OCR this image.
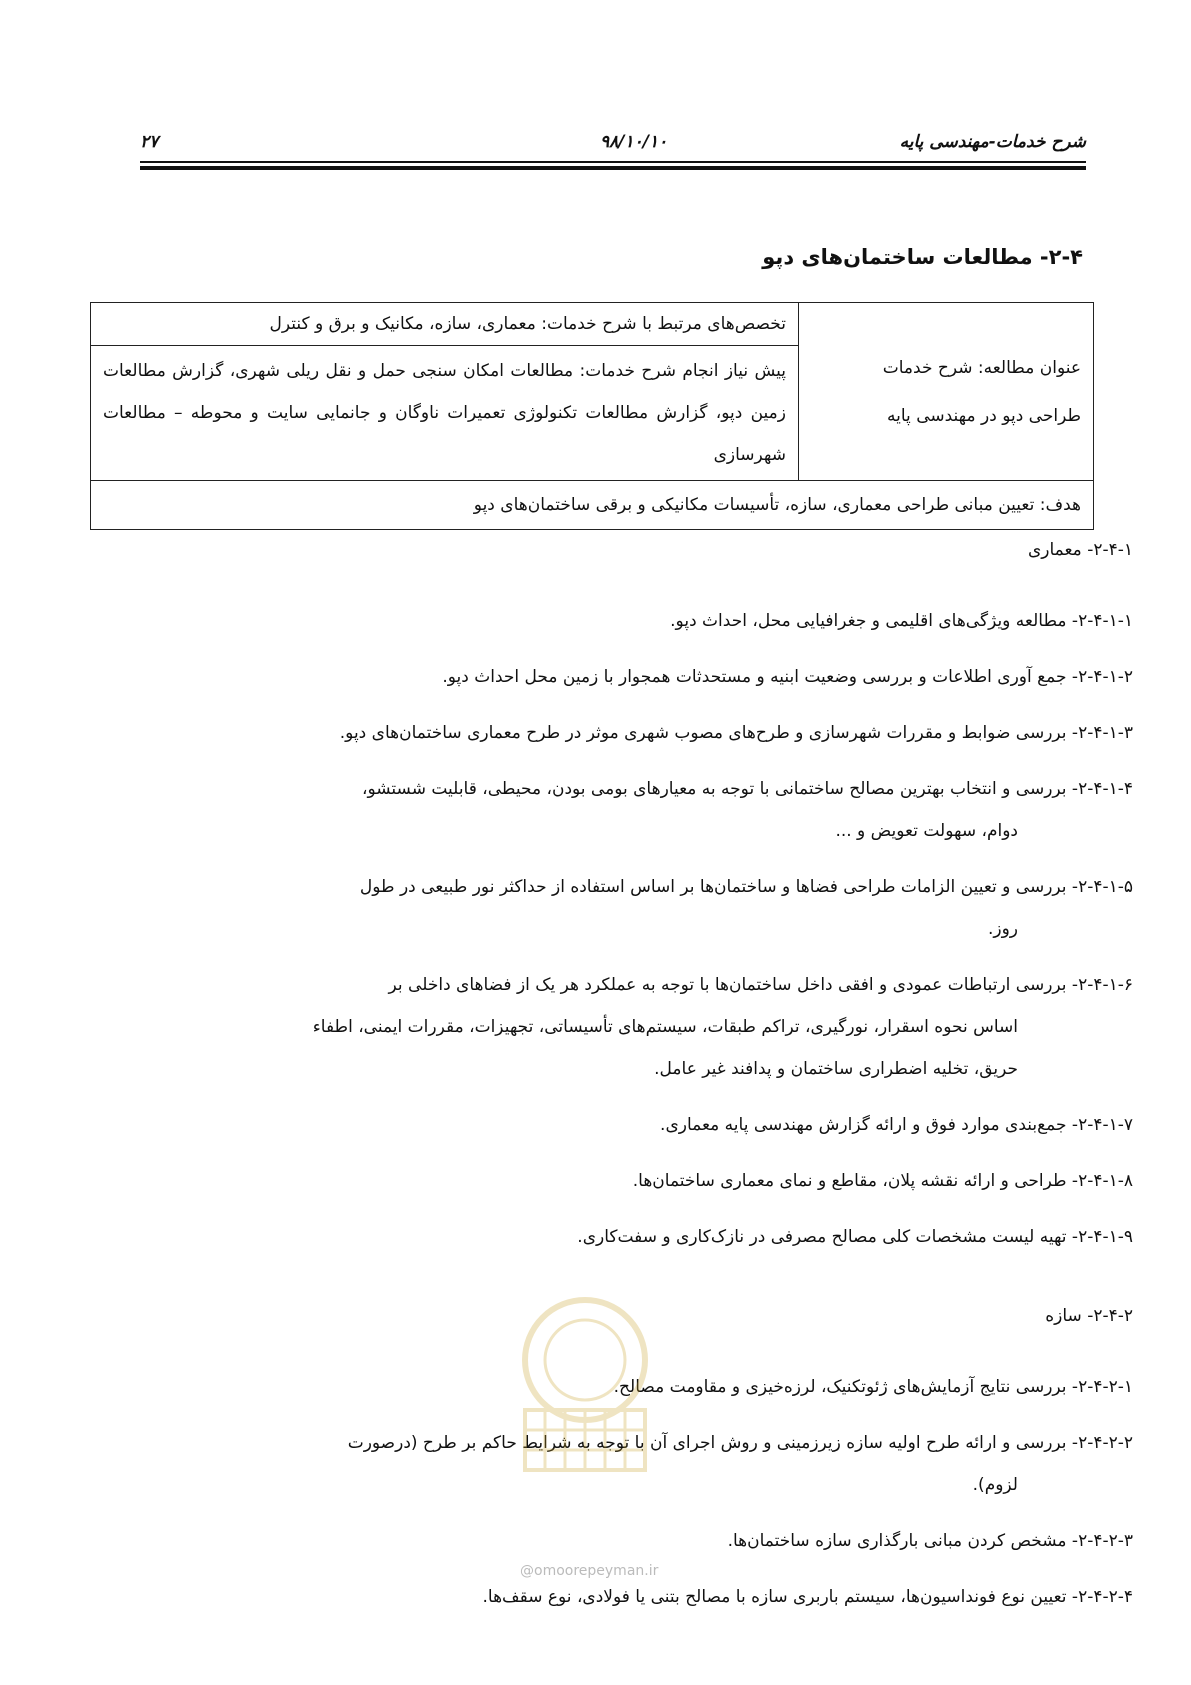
شرح خدمات-مهندسی پایه
۹۸/۱۰/۱۰
۲۷
۲-۴- مطالعات ساختمان‌های دپو
عنوان مطالعه: شرح خدمات
طراحی دپو در مهندسی پایه
	تخصص‌های مرتبط با شرح خدمات: معماری، سازه، مکانیک و برق و کنترل
پیش نیاز انجام شرح خدمات: مطالعات امکان سنجی حمل و نقل ریلی شهری، گزارش مطالعات زمین دپو، گزارش مطالعات تکنولوژی تعمیرات ناوگان و جانمایی سایت و محوطه – مطالعات شهرسازی
هدف: تعیین مبانی طراحی معماری، سازه، تأسیسات مکانیکی و برقی ساختمان‌های دپو
۲-۴-۱- معماری
۲-۴-۱-۱- مطالعه ویژگی‌های اقلیمی و جغرافیایی محل، احداث دپو.
۲-۴-۱-۲- جمع آوری اطلاعات و بررسی وضعیت ابنیه و مستحدثات همجوار با زمین محل احداث دپو.
۲-۴-۱-۳- بررسی ضوابط و مقررات شهرسازی و طرح‌های مصوب شهری موثر در طرح معماری ساختمان‌های دپو.
۲-۴-۱-۴- بررسی و انتخاب بهترین مصالح ساختمانی با توجه به معیارهای بومی بودن، محیطی، قابلیت شستشو،
دوام، سهولت تعویض و ...
۲-۴-۱-۵- بررسی و تعیین الزامات طراحی فضاها و ساختمان‌ها بر اساس استفاده از حداکثر نور طبیعی در طول
روز.
۲-۴-۱-۶- بررسی ارتباطات عمودی و افقی داخل ساختمان‌ها با توجه به عملکرد هر یک از فضاهای داخلی بر
اساس نحوه اسقرار، نورگیری، تراکم طبقات، سیستم‌های تأسیساتی، تجهیزات، مقررات ایمنی، اطفاء
حریق، تخلیه اضطراری ساختمان و پدافند غیر عامل.
۲-۴-۱-۷- جمع‌بندی موارد فوق و ارائه گزارش مهندسی پایه معماری.
۲-۴-۱-۸- طراحی و ارائه نقشه پلان، مقاطع و نمای معماری ساختمان‌ها.
۲-۴-۱-۹- تهیه لیست مشخصات کلی مصالح مصرفی در نازک‌کاری و سفت‌کاری.
۲-۴-۲- سازه
۲-۴-۲-۱- بررسی نتایج آزمایش‌های ژئوتکنیک، لرزه‌خیزی و مقاومت مصالح.
۲-۴-۲-۲- بررسی و ارائه طرح اولیه سازه زیرزمینی و روش اجرای آن با توجه به شرایط حاکم بر طرح (درصورت
لزوم).
۲-۴-۲-۳- مشخص کردن مبانی بارگذاری سازه ساختمان‌ها.
۲-۴-۲-۴- تعیین نوع فونداسیون‌ها، سیستم باربری سازه با مصالح بتنی یا فولادی، نوع سقف‌ها.
@omoorepeyman.ir
